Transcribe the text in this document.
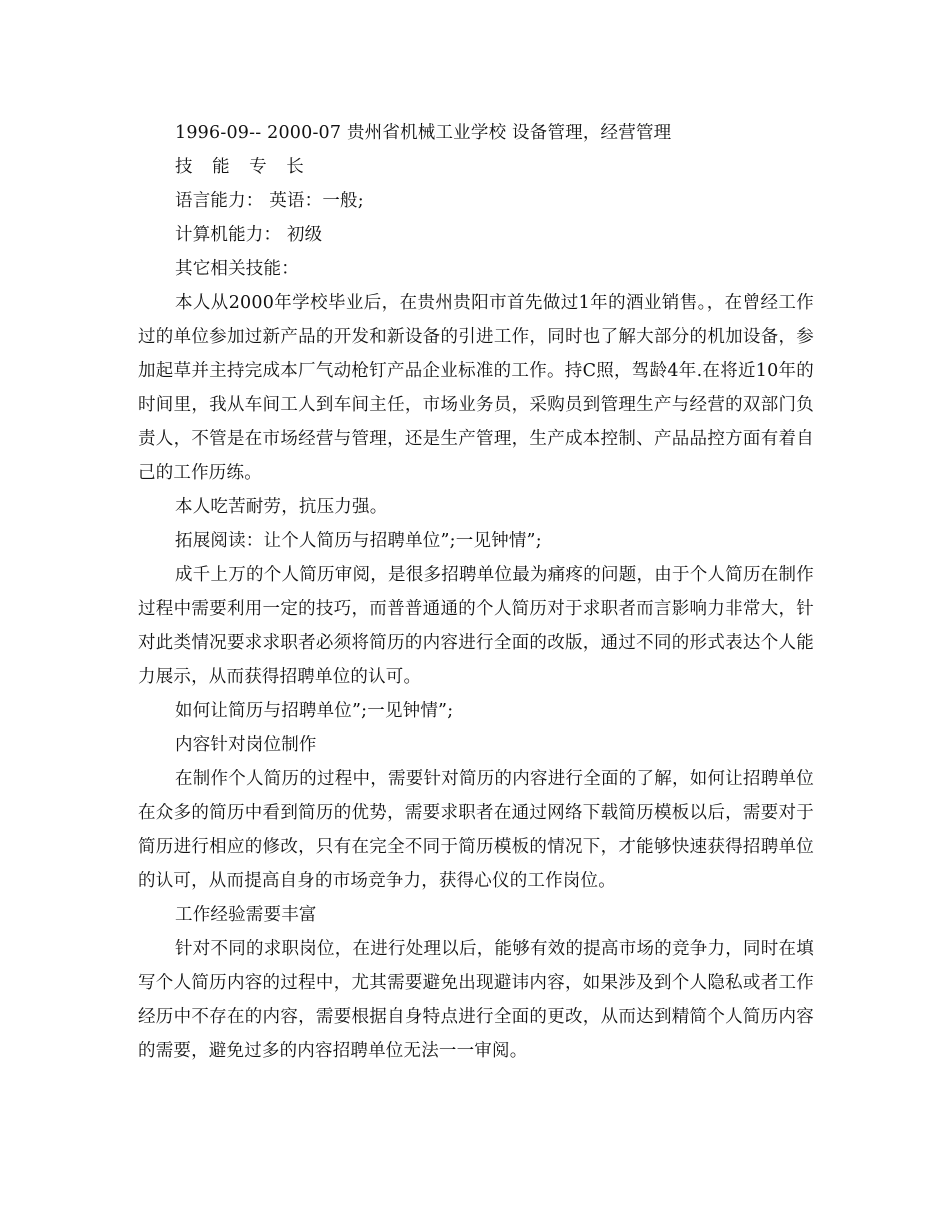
1996-09-- 2000-07 贵州省机械工业学校 设备管理，经营管理

技 能 专 长

语言能力： 英语：一般;

计算机能力： 初级

其它相关技能：

本人从2000年学校毕业后，在贵州贵阳市首先做过1年的酒业销售。，在曾经工作过的单位参加过新产品的开发和新设备的引进工作，同时也了解大部分的机加设备，参加起草并主持完成本厂气动枪钉产品企业标准的工作。持C照，驾龄4年.在将近10年的时间里，我从车间工人到车间主任，市场业务员，采购员到管理生产与经营的双部门负责人，不管是在市场经营与管理，还是生产管理，生产成本控制、产品品控方面有着自己的工作历练。

本人吃苦耐劳，抗压力强。

拓展阅读：让个人简历与招聘单位”;一见钟情”;

成千上万的个人简历审阅，是很多招聘单位最为痛疼的问题，由于个人简历在制作过程中需要利用一定的技巧，而普普通通的个人简历对于求职者而言影响力非常大，针对此类情况要求求职者必须将简历的内容进行全面的改版，通过不同的形式表达个人能力展示，从而获得招聘单位的认可。

如何让简历与招聘单位”;一见钟情”;

内容针对岗位制作

在制作个人简历的过程中，需要针对简历的内容进行全面的了解，如何让招聘单位在众多的简历中看到简历的优势，需要求职者在通过网络下载简历模板以后，需要对于简历进行相应的修改，只有在完全不同于简历模板的情况下，才能够快速获得招聘单位的认可，从而提高自身的市场竞争力，获得心仪的工作岗位。

工作经验需要丰富

针对不同的求职岗位，在进行处理以后，能够有效的提高市场的竞争力，同时在填写个人简历内容的过程中，尤其需要避免出现避讳内容，如果涉及到个人隐私或者工作经历中不存在的内容，需要根据自身特点进行全面的更改，从而达到精简个人简历内容的需要，避免过多的内容招聘单位无法一一审阅。
